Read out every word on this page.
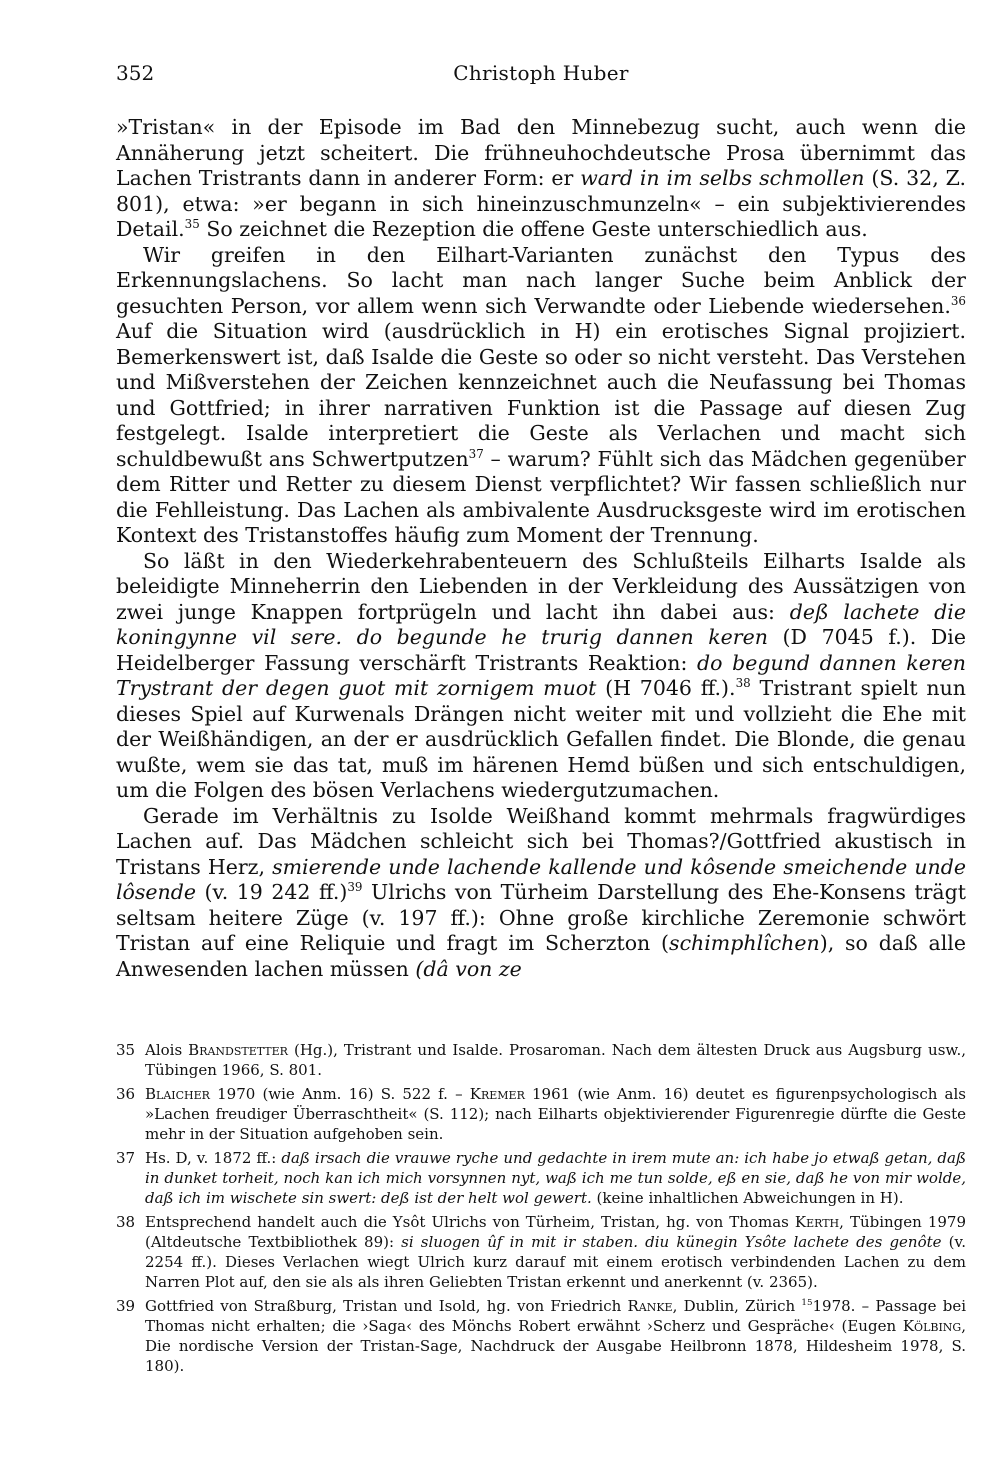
352	Christoph Huber

»Tristan« in der Episode im Bad den Minnebezug sucht, auch wenn die Annäherung jetzt scheitert. Die frühneuhochdeutsche Prosa übernimmt das Lachen Tristrants dann in anderer Form: er ward in im selbs schmollen (S. 32, Z. 801), etwa: »er begann in sich hineinzuschmunzeln« – ein subjektivierendes Detail.$^{35}$ So zeichnet die Rezeption die offene Geste unterschiedlich aus.

Wir greifen in den Eilhart-Varianten zunächst den Typus des Erkennungslachens. So lacht man nach langer Suche beim Anblick der gesuchten Person, vor allem wenn sich Verwandte oder Liebende wiedersehen.$^{36}$ Auf die Situation wird (ausdrücklich in H) ein erotisches Signal projiziert. Bemerkenswert ist, daß Isalde die Geste so oder so nicht versteht. Das Verstehen und Mißverstehen der Zeichen kennzeichnet auch die Neufassung bei Thomas und Gottfried; in ihrer narrativen Funktion ist die Passage auf diesen Zug festgelegt. Isalde interpretiert die Geste als Verlachen und macht sich schuldbewußt ans Schwertputzen$^{37}$ – warum? Fühlt sich das Mädchen gegenüber dem Ritter und Retter zu diesem Dienst verpflichtet? Wir fassen schließlich nur die Fehlleistung. Das Lachen als ambivalente Ausdrucksgeste wird im erotischen Kontext des Tristanstoffes häufig zum Moment der Trennung.

So läßt in den Wiederkehrabenteuern des Schlußteils Eilharts Isalde als beleidigte Minneherrin den Liebenden in der Verkleidung des Aussätzigen von zwei junge Knappen fortprügeln und lacht ihn dabei aus: deß lachete die koningynne vil sere. do begunde he trurig dannen keren (D 7045 f.). Die Heidelberger Fassung verschärft Tristrants Reaktion: do begund dannen keren Trystrant der degen guot mit zornigem muot (H 7046 ff.).$^{38}$ Tristrant spielt nun dieses Spiel auf Kurwenals Drängen nicht weiter mit und vollzieht die Ehe mit der Weißhändigen, an der er ausdrücklich Gefallen findet. Die Blonde, die genau wußte, wem sie das tat, muß im härenen Hemd büßen und sich entschuldigen, um die Folgen des bösen Verlachens wiedergutzumachen.

Gerade im Verhältnis zu Isolde Weißhand kommt mehrmals fragwürdiges Lachen auf. Das Mädchen schleicht sich bei Thomas?/Gottfried akustisch in Tristans Herz, smierende unde lachende kallende und kôsende smeichende unde lôsende (v. 19 242 ff.)$^{39}$ Ulrichs von Türheim Darstellung des Ehe-Konsens trägt seltsam heitere Züge (v. 197 ff.): Ohne große kirchliche Zeremonie schwört Tristan auf eine Reliquie und fragt im Scherzton (schimphlîchen), so daß alle Anwesenden lachen müssen (dâ von ze

35 Alois Brandstetter (Hg.), Tristrant und Isalde. Prosaroman. Nach dem ältesten Druck aus Augsburg usw., Tübingen 1966, S. 801.
36 Blaicher 1970 (wie Anm. 16) S. 522 f. – Kremer 1961 (wie Anm. 16) deutet es figurenpsychologisch als »Lachen freudiger Überraschtheit« (S. 112); nach Eilharts objektivierender Figurenregie dürfte die Geste mehr in der Situation aufgehoben sein.
37 Hs. D, v. 1872 ff.: daß irsach die vrauwe ryche und gedachte in irem mute an: ich habe jo etwaß getan, daß in dunket torheit, noch kan ich mich vorsynnen nyt, waß ich me tun solde, eß en sie, daß he von mir wolde, daß ich im wischete sin swert: deß ist der helt wol gewert. (keine inhaltlichen Abweichungen in H).
38 Entsprechend handelt auch die Ysôt Ulrichs von Türheim, Tristan, hg. von Thomas Kerth, Tübingen 1979 (Altdeutsche Textbibliothek 89): si sluogen ûf in mit ir staben. diu künegin Ysôte lachete des genôte (v. 2254 ff.). Dieses Verlachen wiegt Ulrich kurz darauf mit einem erotisch verbindenden Lachen zu dem Narren Plot auf, den sie als als ihren Geliebten Tristan erkennt und anerkennt (v. 2365).
39 Gottfried von Straßburg, Tristan und Isold, hg. von Friedrich Ranke, Dublin, Zürich $^{15}$1978. – Passage bei Thomas nicht erhalten; die ›Saga‹ des Mönchs Robert erwähnt ›Scherz und Gespräche‹ (Eugen Kölbing, Die nordische Version der Tristan-Sage, Nachdruck der Ausgabe Heilbronn 1878, Hildesheim 1978, S. 180).
